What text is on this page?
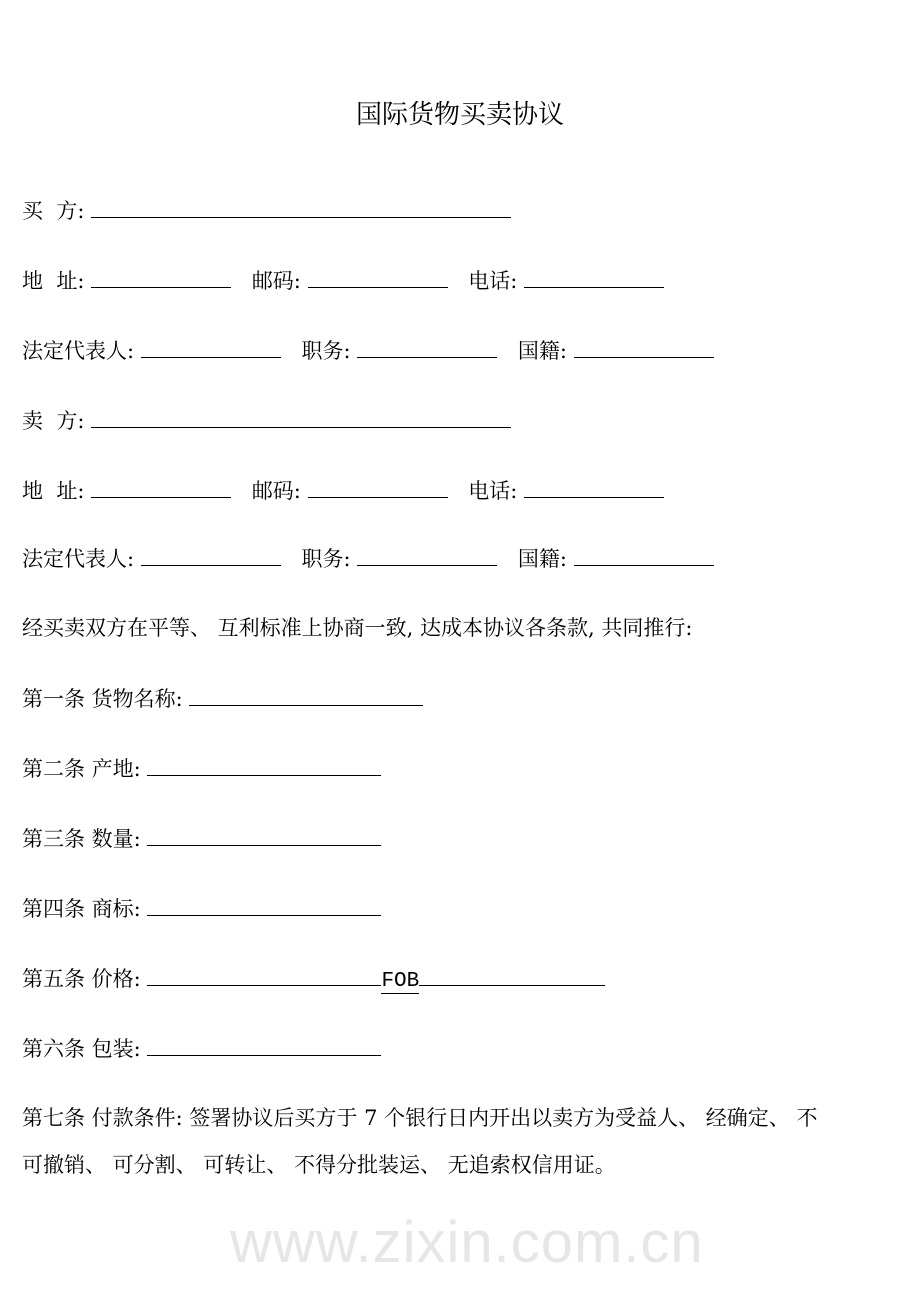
www.zixin.com.cn
国际货物买卖协议
买  方:
地  址:	邮码:	电话:
法定代表人:	职务:	国籍:
卖  方:
地  址:	邮码:	电话:
法定代表人:	职务:	国籍:
经买卖双方在平等、 互利标准上协商一致, 达成本协议各条款, 共同推行:
第一条 货物名称:
第二条 产地:
第三条 数量:
第四条 商标:
第五条 价格:	FOB
第六条 包装:
第七条 付款条件: 签署协议后买方于 7 个银行日内开出以卖方为受益人、 经确定、 不
可撤销、 可分割、 可转让、 不得分批装运、 无追索权信用证。
